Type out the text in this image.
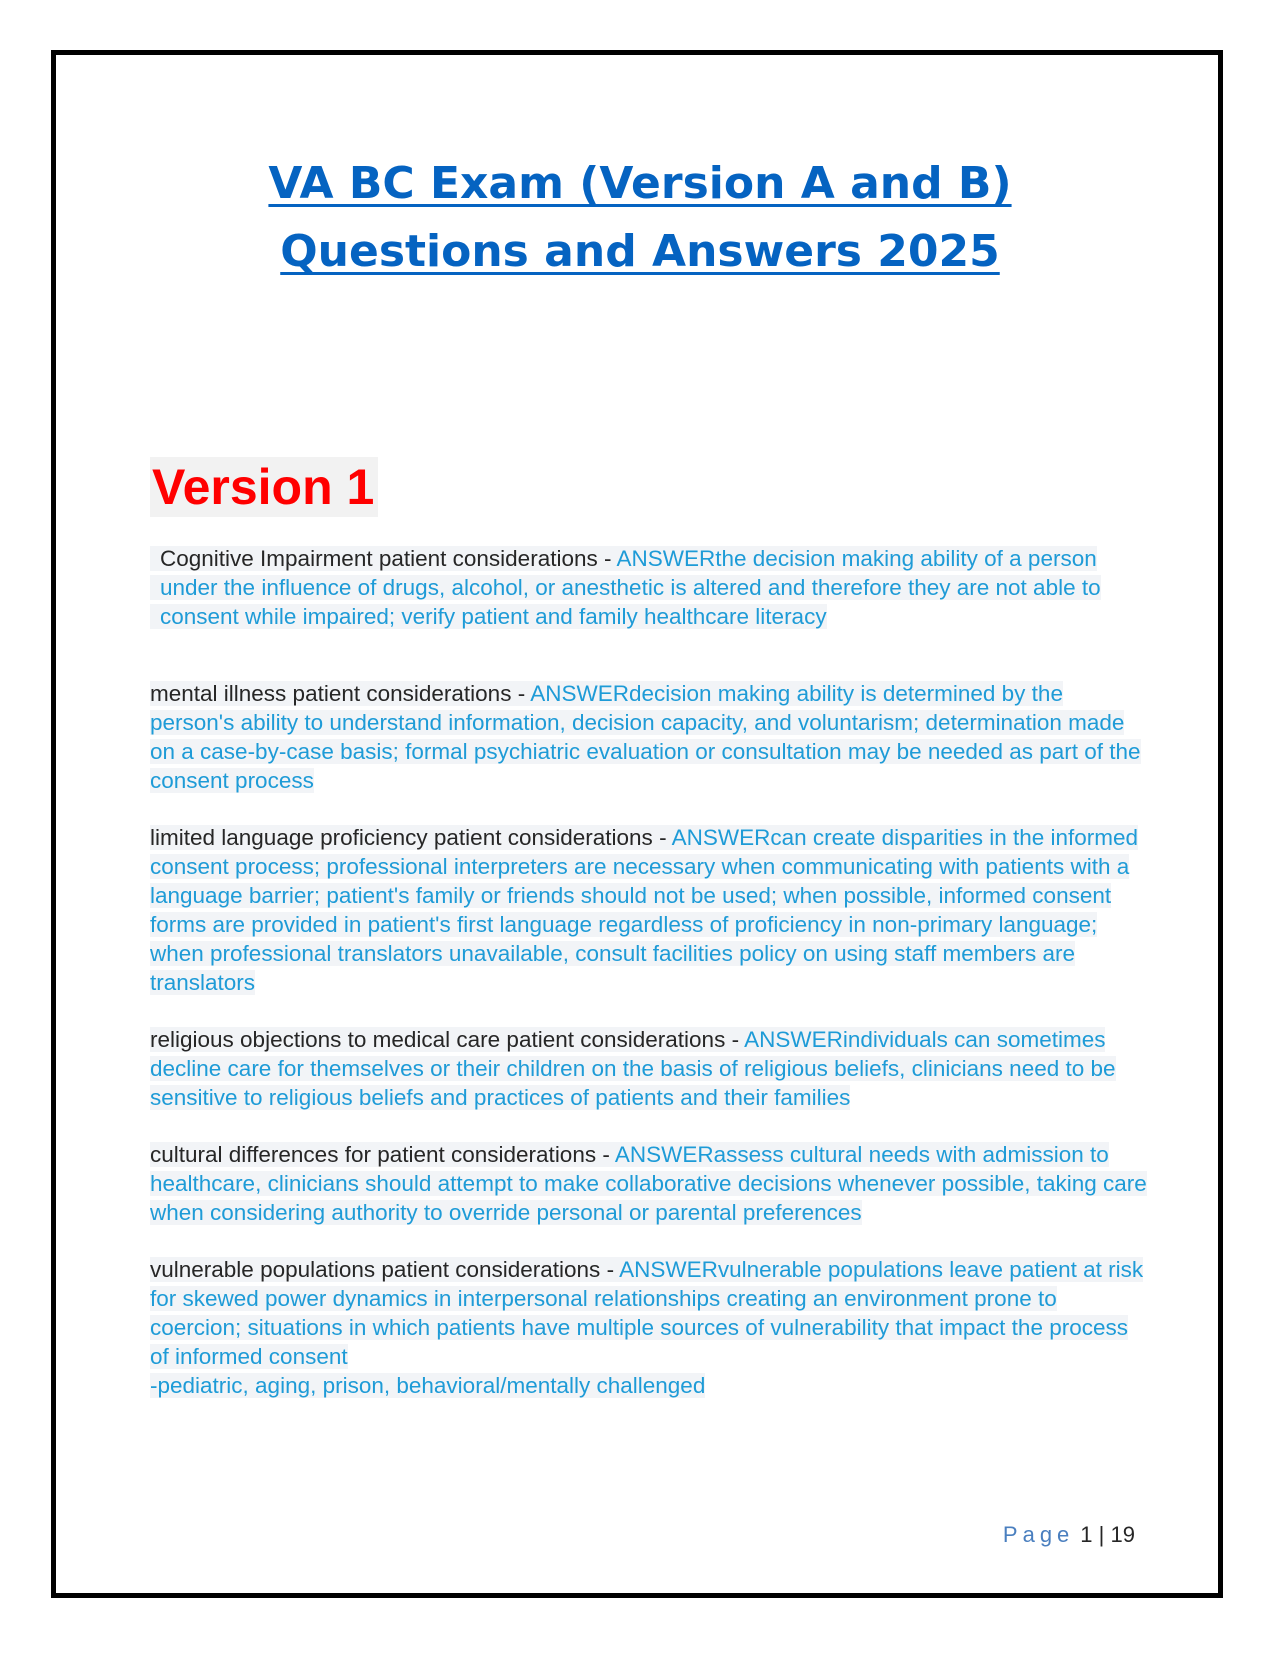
VA BC Exam (Version A and B)
Questions and Answers 2025
Version 1
Cognitive Impairment patient considerations - ANSWERthe decision making ability of a person under the influence of drugs, alcohol, or anesthetic is altered and therefore they are not able to consent while impaired; verify patient and family healthcare literacy
mental illness patient considerations - ANSWERdecision making ability is determined by the person's ability to understand information, decision capacity, and voluntarism; determination made on a case-by-case basis; formal psychiatric evaluation or consultation may be needed as part of the consent process
limited language proficiency patient considerations - ANSWERcan create disparities in the informed consent process; professional interpreters are necessary when communicating with patients with a language barrier; patient's family or friends should not be used; when possible, informed consent forms are provided in patient's first language regardless of proficiency in non-primary language; when professional translators unavailable, consult facilities policy on using staff members are translators
religious objections to medical care patient considerations - ANSWERindividuals can sometimes decline care for themselves or their children on the basis of religious beliefs, clinicians need to be sensitive to religious beliefs and practices of patients and their families
cultural differences for patient considerations - ANSWERassess cultural needs with admission to healthcare, clinicians should attempt to make collaborative decisions whenever possible, taking care when considering authority to override personal or parental preferences
vulnerable populations patient considerations - ANSWERvulnerable populations leave patient at risk for skewed power dynamics in interpersonal relationships creating an environment prone to coercion; situations in which patients have multiple sources of vulnerability that impact the process of informed consent
-pediatric, aging, prison, behavioral/mentally challenged
Page 1 | 19
